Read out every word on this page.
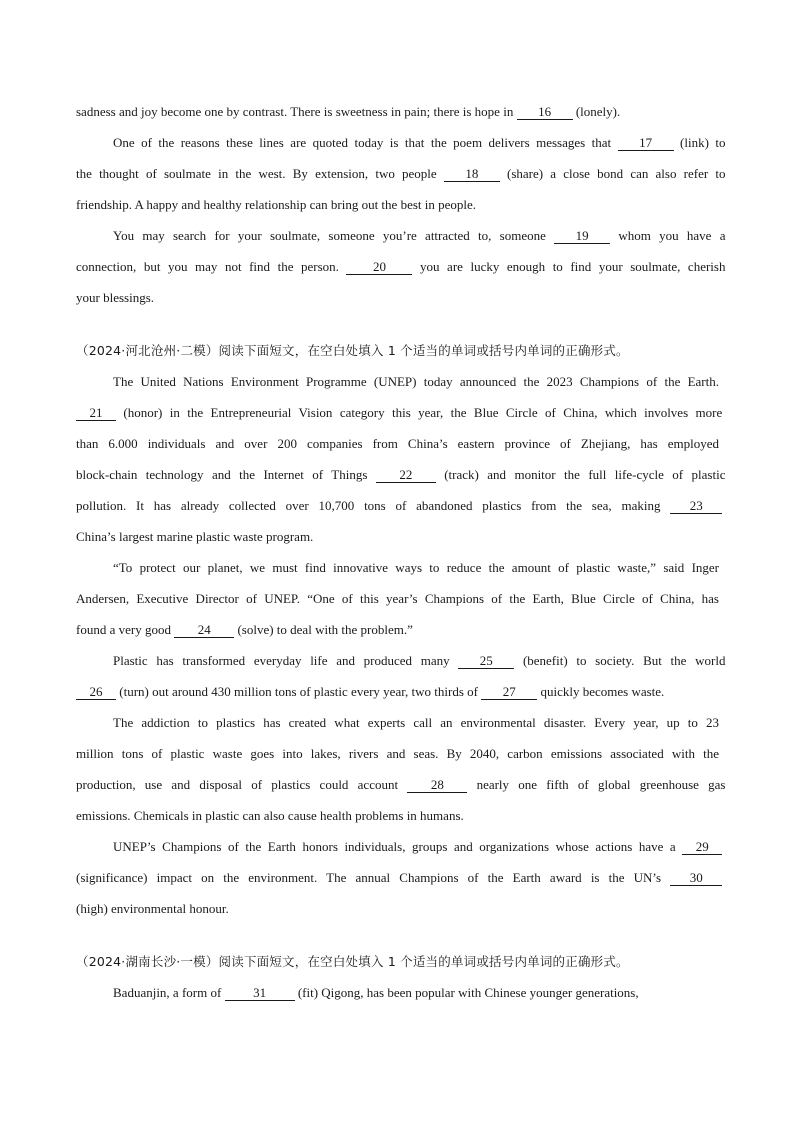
sadness and joy become one by contrast. There is sweetness in pain; there is hope in 16 (lonely).
One of the reasons these lines are quoted today is that the poem delivers messages that 17 (link) to
the thought of soulmate in the west. By extension, two people 18 (share) a close bond can also refer to
friendship. A happy and healthy relationship can bring out the best in people.
You may search for your soulmate, someone you’re attracted to, someone 19 whom you have a
connection, but you may not find the person.	20	you are lucky enough to find your soulmate, cherish
your blessings.
（2024·河北沧州·二模）阅读下面短文，在空白处填入 1 个适当的单词或括号内单词的正确形式。
The United Nations Environment Programme (UNEP) today announced the 2023 Champions of the Earth.
21 (honor) in the Entrepreneurial Vision category this year, the Blue Circle of China, which involves more
than 6.000 individuals and over 200 companies from China’s eastern province of Zhejiang, has employed
block-chain technology and the Internet of Things 22 (track) and monitor the full life-cycle of plastic
pollution. It has already collected over 10,700 tons of abandoned plastics from the sea, making 23
China’s largest marine plastic waste program.
“To protect our planet, we must find innovative ways to reduce the amount of plastic waste,” said Inger
Andersen, Executive Director of UNEP. “One of this year’s Champions of the Earth, Blue Circle of China, has
found a very good 24 (solve) to deal with the problem.”
Plastic has transformed everyday life and produced many 25 (benefit) to society. But the world
26 (turn) out around 430 million tons of plastic every year, two thirds of 27 quickly becomes waste.
The addiction to plastics has created what experts call an environmental disaster. Every year, up to 23
million tons of plastic waste goes into lakes, rivers and seas. By 2040, carbon emissions associated with the
production, use and disposal of plastics could account	28	nearly one fifth of global greenhouse gas
emissions. Chemicals in plastic can also cause health problems in humans.
UNEP’s Champions of the Earth honors individuals, groups and organizations whose actions have a 29
(significance) impact on the environment. The annual Champions of the Earth award is the UN’s 30
(high) environmental honour.
（2024·湖南长沙·一模）阅读下面短文，在空白处填入 1 个适当的单词或括号内单词的正确形式。
Baduanjin, a form of 31 (fit) Qigong, has been popular with Chinese younger generations,
